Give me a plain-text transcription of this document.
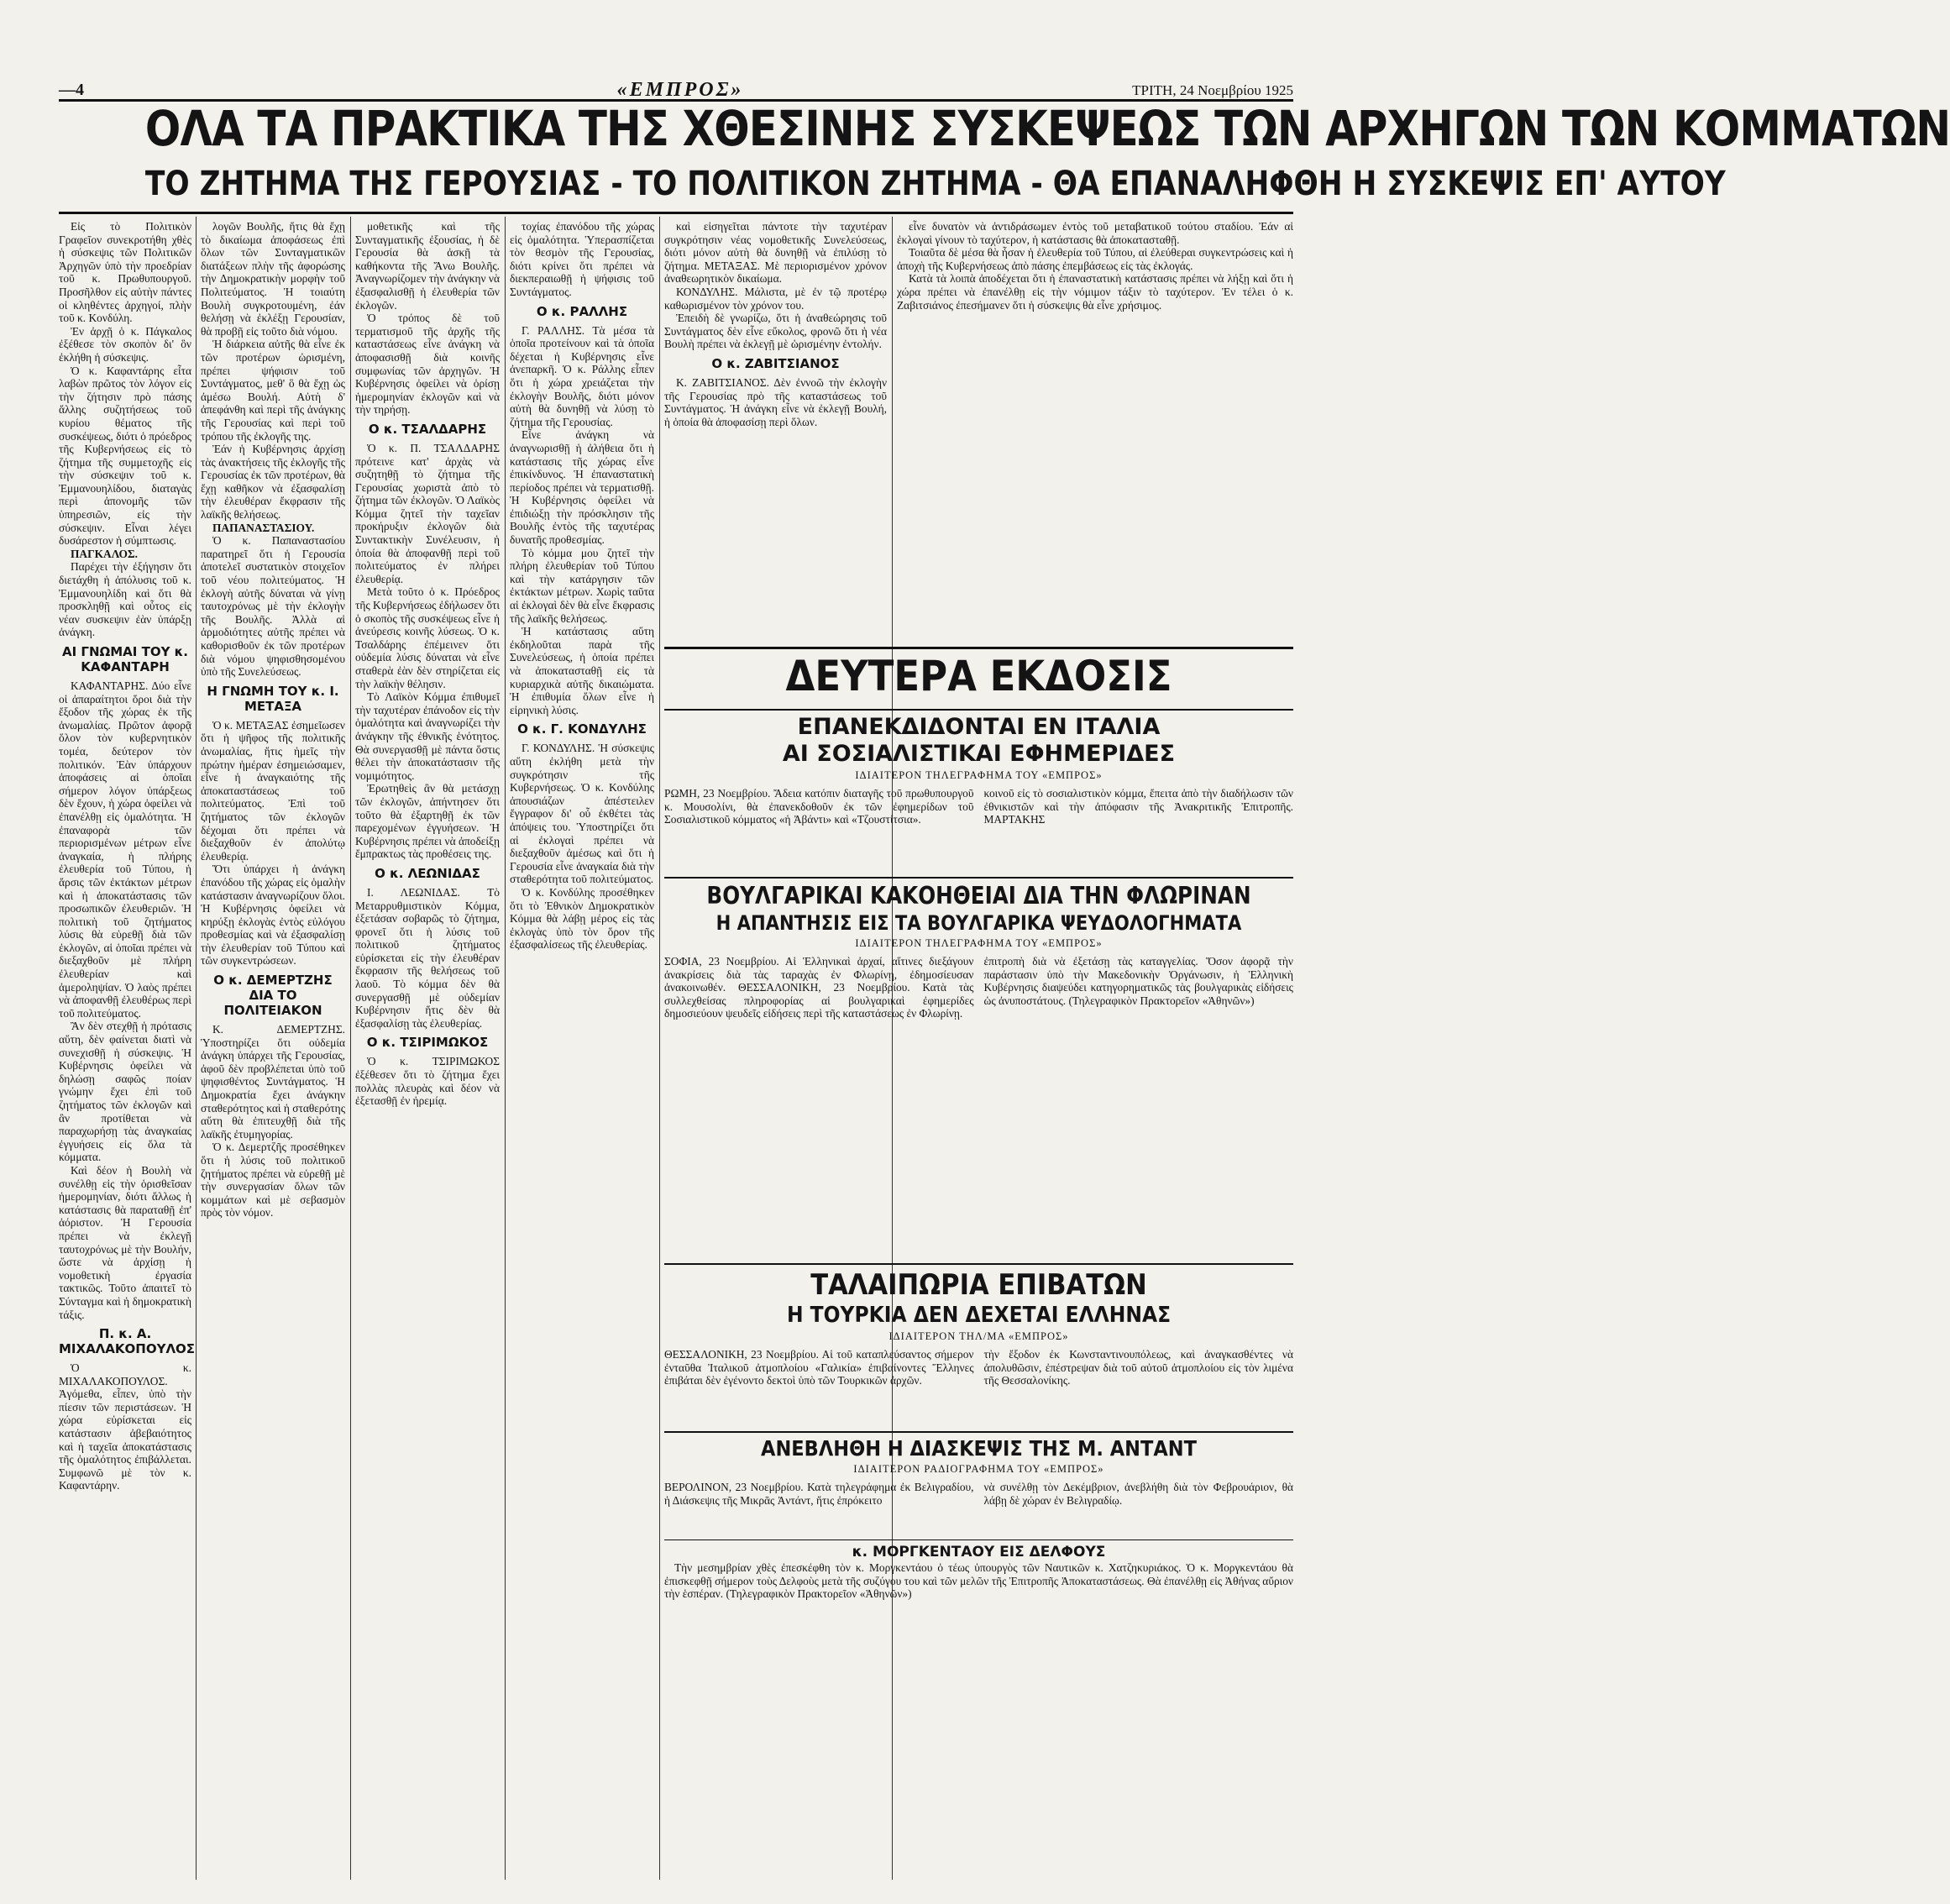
—4	«ΕΜΠΡΟΣ»	ΤΡΙΤΗ, 24 Νοεμβρίου 1925
ΟΛΑ ΤΑ ΠΡΑΚΤΙΚΑ ΤΗΣ ΧΘΕΣΙΝΗΣ ΣΥΣΚΕΨΕΩΣ ΤΩΝ ΑΡΧΗΓΩΝ ΤΩΝ ΚΟΜΜΑΤΩΝ
ΤΟ ΖΗΤΗΜΑ ΤΗΣ ΓΕΡΟΥΣΙΑΣ - ΤΟ ΠΟΛΙΤΙΚΟΝ ΖΗΤΗΜΑ - ΘΑ ΕΠΑΝΑΛΗΦΘΗ Η ΣΥΣΚΕΨΙΣ ΕΠ' ΑΥΤΟΥ

Εἰς τὸ Πολιτικὸν Γραφεῖον συνεκροτήθη χθὲς ἡ σύσκεψις τῶν Πολιτικῶν Ἀρχηγῶν ὑπὸ τὴν προεδρίαν τοῦ κ. Πρωθυπουργοῦ. Προσῆλθον εἰς αὐτὴν πάντες οἱ κληθέντες ἀρχηγοί, πλὴν τοῦ κ. Κονδύλη.

Ἐν ἀρχῇ ὁ κ. Πάγκαλος ἐξέθεσε τὸν σκοπὸν δι' ὃν ἐκλήθη ἡ σύσκεψις.

Ὁ κ. Καφαντάρης εἶτα λαβὼν πρῶτος τὸν λόγον εἰς τὴν ζήτησιν πρὸ πάσης ἄλλης συζητήσεως τοῦ κυρίου θέματος τῆς συσκέψεως, διότι ὁ πρόεδρος τῆς Κυβερνήσεως εἰς τὸ ζήτημα τῆς συμμετοχῆς εἰς τὴν σύσκεψιν τοῦ κ. Ἐμμανουηλίδου, διαταγὰς περὶ ἀπονομῆς τῶν ὑπηρεσιῶν, εἰς τὴν σύσκεψιν. Εἶναι λέγει δυσάρεστον ἡ σύμπτωσις.

ΠΑΓΚΑΛΟΣ.

Παρέχει τὴν ἐξήγησιν ὅτι διετάχθη ἡ ἀπόλυσις τοῦ κ. Ἐμμανουηλίδη καὶ ὅτι θὰ προσκληθῇ καὶ οὗτος εἰς νέαν συσκεψιν ἐὰν ὑπάρξῃ ἀνάγκη.

ΑΙ ΓΝΩΜΑΙ ΤΟΥ κ. ΚΑΦΑΝΤΑΡΗ

ΚΑΦΑΝΤΑΡΗΣ. Δύο εἶνε οἱ ἀπαραίτητοι ὅροι διὰ τὴν ἔξοδον τῆς χώρας ἐκ τῆς ἀνωμαλίας. Πρῶτον ἀφορᾷ ὅλον τὸν κυβερνητικὸν τομέα, δεύτερον τὸν πολιτικόν. Ἐὰν ὑπάρχουν ἀποφάσεις αἱ ὁποῖαι σήμερον λόγον ὑπάρξεως δὲν ἔχουν, ἡ χώρα ὀφείλει νὰ ἐπανέλθῃ εἰς ὁμαλότητα. Ἡ ἐπαναφορὰ τῶν περιορισμένων μέτρων εἶνε ἀναγκαία, ἡ πλήρης ἐλευθερία τοῦ Τύπου, ἡ ἄρσις τῶν ἐκτάκτων μέτρων καὶ ἡ ἀποκατάστασις τῶν προσωπικῶν ἐλευθεριῶν. Ἡ πολιτικὴ τοῦ ζητήματος λύσις θὰ εὑρεθῇ διὰ τῶν ἐκλογῶν, αἱ ὁποῖαι πρέπει νὰ διεξαχθοῦν μὲ πλήρη ἐλευθερίαν καὶ ἀμεροληψίαν. Ὁ λαὸς πρέπει νὰ ἀποφανθῇ ἐλευθέρως περὶ τοῦ πολιτεύματος.

Ἂν δὲν στεχθῇ ἡ πρότασις αὕτη, δὲν φαίνεται διατὶ νὰ συνεχισθῇ ἡ σύσκεψις. Ἡ Κυβέρνησις ὀφείλει νὰ δηλώσῃ σαφῶς ποίαν γνώμην ἔχει ἐπὶ τοῦ ζητήματος τῶν ἐκλογῶν καὶ ἂν προτίθεται νὰ παραχωρήσῃ τὰς ἀναγκαίας ἐγγυήσεις εἰς ὅλα τὰ κόμματα.

Καὶ δέον ἡ Βουλὴ νὰ συνέλθῃ εἰς τὴν ὁρισθεῖσαν ἡμερομηνίαν, διότι ἄλλως ἡ κατάστασις θὰ παραταθῇ ἐπ' ἀόριστον. Ἡ Γερουσία πρέπει νὰ ἐκλεγῇ ταυτοχρόνως μὲ τὴν Βουλήν, ὥστε νὰ ἀρχίσῃ ἡ νομοθετικὴ ἐργασία τακτικῶς. Τοῦτο ἀπαιτεῖ τὸ Σύνταγμα καὶ ἡ δημοκρατικὴ τάξις.

Π. κ. Α. ΜΙΧΑΛΑΚΟΠΟΥΛΟΣ

Ὁ κ. ΜΙΧΑΛΑΚΟΠΟΥΛΟΣ. Ἀγόμεθα, εἶπεν, ὑπὸ τὴν πίεσιν τῶν περιστάσεων. Ἡ χώρα εὑρίσκεται εἰς κατάστασιν ἀβεβαιότητος καὶ ἡ ταχεῖα ἀποκατάστασις τῆς ὁμαλότητος ἐπιβάλλεται. Συμφωνῶ μὲ τὸν κ. Καφαντάρην.

λογῶν Βουλῆς, ἥτις θὰ ἔχῃ τὸ δικαίωμα ἀποφάσεως ἐπὶ ὅλων τῶν Συνταγματικῶν διατάξεων πλὴν τῆς ἀφορώσης τὴν Δημοκρατικὴν μορφὴν τοῦ Πολιτεύματος. Ἡ τοιαύτη Βουλὴ συγκροτουμένη, ἐάν θελήσῃ νὰ ἐκλέξῃ Γερουσίαν, θὰ προβῇ εἰς τοῦτο διὰ νόμου.

Ἡ διάρκεια αὐτῆς θὰ εἶνε ἐκ τῶν προτέρων ὡρισμένη, πρέπει ψήφισιν τοῦ Συντάγματος, μεθ' ὃ θὰ ἔχῃ ὡς ἀμέσω Βουλή. Αὐτὴ δ' ἀπεφάνθη καὶ περὶ τῆς ἀνάγκης τῆς Γερουσίας καὶ περὶ τοῦ τρόπου τῆς ἐκλογῆς της.

Ἐάν ἡ Κυβέρνησις ἀρχίσῃ τὰς ἀνακτήσεις τῆς ἐκλογῆς τῆς Γερουσίας ἐκ τῶν προτέρων, θὰ ἔχῃ καθῆκον νὰ ἐξασφαλίσῃ τὴν ἐλευθέραν ἔκφρασιν τῆς λαϊκῆς θελήσεως.

ΠΑΠΑΝΑΣΤΑΣΙΟΥ.

Ὁ κ. Παπαναστασίου παρατηρεῖ ὅτι ἡ Γερουσία ἀποτελεῖ συστατικὸν στοιχεῖον τοῦ νέου πολιτεύματος. Ἡ ἐκλογὴ αὐτῆς δύναται νὰ γίνῃ ταυτοχρόνως μὲ τὴν ἐκλογὴν τῆς Βουλῆς. Ἀλλὰ αἱ ἀρμοδιότητες αὐτῆς πρέπει νὰ καθορισθοῦν ἐκ τῶν προτέρων διὰ νόμου ψηφισθησομένου ὑπὸ τῆς Συνελεύσεως.

Η ΓΝΩΜΗ ΤΟΥ κ. Ι. ΜΕΤΑΞΑ

Ὁ κ. ΜΕΤΑΞΑΣ ἐσημεῖωσεν ὅτι ἡ ψῆφος τῆς πολιτικῆς ἀνωμαλίας, ἥτις ἡμεῖς τὴν πρώτην ἡμέραν ἐσημειώσαμεν, εἶνε ἡ ἀναγκαιότης τῆς ἀποκαταστάσεως τοῦ πολιτεύματος. Ἐπὶ τοῦ ζητήματος τῶν ἐκλογῶν δέχομαι ὅτι πρέπει νὰ διεξαχθοῦν ἐν ἀπολύτῳ ἐλευθερίᾳ.

Ὅτι ὑπάρχει ἡ ἀνάγκη ἐπανόδου τῆς χώρας εἰς ὁμαλὴν κατάστασιν ἀναγνωρίζουν ὅλοι. Ἡ Κυβέρνησις ὀφείλει νὰ κηρύξῃ ἐκλογὰς ἐντὸς εὐλόγου προθεσμίας καὶ νὰ ἐξασφαλίσῃ τὴν ἐλευθερίαν τοῦ Τύπου καὶ τῶν συγκεντρώσεων.

Ο κ. ΔΕΜΕΡΤΖΗΣ ΔΙΑ ΤΟ ΠΟΛΙΤΕΙΑΚΟΝ

Κ. ΔΕΜΕΡΤΖΗΣ. Ὑποστηρίζει ὅτι οὐδεμία ἀνάγκη ὑπάρχει τῆς Γερουσίας, ἀφοῦ δὲν προβλέπεται ὑπὸ τοῦ ψηφισθέντος Συντάγματος. Ἡ Δημοκρατία ἔχει ἀνάγκην σταθερότητος καὶ ἡ σταθερότης αὕτη θὰ ἐπιτευχθῇ διὰ τῆς λαϊκῆς ἐτυμηγορίας.

Ὁ κ. Δεμερτζῆς προσέθηκεν ὅτι ἡ λύσις τοῦ πολιτικοῦ ζητήματος πρέπει νὰ εὑρεθῇ μὲ τὴν συνεργασίαν ὅλων τῶν κομμάτων καὶ μὲ σεβασμὸν πρὸς τὸν νόμον.

μοθετικῆς καὶ τῆς Συνταγματικῆς ἐξουσίας, ἡ δὲ Γερουσία θὰ ἀσκῇ τὰ καθήκοντα τῆς Ἄνω Βουλῆς. Ἀναγνωρίζομεν τὴν ἀνάγκην νὰ ἐξασφαλισθῇ ἡ ἐλευθερία τῶν ἐκλογῶν.

Ὁ τρόπος δὲ τοῦ τερματισμοῦ τῆς ἀρχῆς τῆς καταστάσεως εἶνε ἀνάγκη νὰ ἀποφασισθῇ διὰ κοινῆς συμφωνίας τῶν ἀρχηγῶν. Ἡ Κυβέρνησις ὀφείλει νὰ ὁρίσῃ ἡμερομηνίαν ἐκλογῶν καὶ νὰ τὴν τηρήσῃ.

Ο κ. ΤΣΑΛΔΑΡΗΣ

Ὁ κ. Π. ΤΣΑΛΔΑΡΗΣ πρότεινε κατ' ἀρχὰς νὰ συζητηθῇ τὸ ζήτημα τῆς Γερουσίας χωριστὰ ἀπὸ τὸ ζήτημα τῶν ἐκλογῶν. Ὁ Λαϊκὸς Κόμμα ζητεῖ τὴν ταχεῖαν προκήρυξιν ἐκλογῶν διὰ Συντακτικὴν Συνέλευσιν, ἡ ὁποία θὰ ἀποφανθῇ περὶ τοῦ πολιτεύματος ἐν πλήρει ἐλευθερίᾳ.

Μετὰ τοῦτο ὁ κ. Πρόεδρος τῆς Κυβερνήσεως ἐδήλωσεν ὅτι ὁ σκοπὸς τῆς συσκέψεως εἶνε ἡ ἀνεύρεσις κοινῆς λύσεως. Ὁ κ. Τσαλδάρης ἐπέμεινεν ὅτι οὐδεμία λύσις δύναται νὰ εἶνε σταθερὰ ἐὰν δὲν στηρίζεται εἰς τὴν λαϊκὴν θέλησιν.

Τὸ Λαϊκὸν Κόμμα ἐπιθυμεῖ τὴν ταχυτέραν ἐπάνοδον εἰς τὴν ὁμαλότητα καὶ ἀναγνωρίζει τὴν ἀνάγκην τῆς ἐθνικῆς ἑνότητος. Θὰ συνεργασθῇ μὲ πάντα ὅστις θέλει τὴν ἀποκατάστασιν τῆς νομιμότητος.

Ἐρωτηθεὶς ἂν θὰ μετάσχῃ τῶν ἐκλογῶν, ἀπήντησεν ὅτι τοῦτο θὰ ἐξαρτηθῇ ἐκ τῶν παρεχομένων ἐγγυήσεων. Ἡ Κυβέρνησις πρέπει νὰ ἀποδείξῃ ἔμπρακτως τὰς προθέσεις της.

Ο κ. ΛΕΩΝΙΔΑΣ

Ι. ΛΕΩΝΙΔΑΣ. Τὸ Μεταρρυθμιστικὸν Κόμμα, ἐξετάσαν σοβαρῶς τὸ ζήτημα, φρονεῖ ὅτι ἡ λύσις τοῦ πολιτικοῦ ζητήματος εὑρίσκεται εἰς τὴν ἐλευθέραν ἔκφρασιν τῆς θελήσεως τοῦ λαοῦ. Τὸ κόμμα δὲν θὰ συνεργασθῇ μὲ οὐδεμίαν Κυβέρνησιν ἥτις δὲν θὰ ἐξασφαλίσῃ τὰς ἐλευθερίας.

Ο κ. ΤΣΙΡΙΜΩΚΟΣ

Ὁ κ. ΤΣΙΡΙΜΩΚΟΣ ἐξέθεσεν ὅτι τὸ ζήτημα ἔχει πολλὰς πλευρὰς καὶ δέον νὰ ἐξετασθῇ ἐν ἠρεμίᾳ.

τοχίας ἐπανόδου τῆς χώρας εἰς ὁμαλότητα. Ὑπερασπίζεται τὸν θεσμὸν τῆς Γερουσίας, διότι κρίνει ὅτι πρέπει νὰ διεκπεραιωθῇ ἡ ψήφισις τοῦ Συντάγματος.

Ο κ. ΡΑΛΛΗΣ

Γ. ΡΑΛΛΗΣ. Τὰ μέσα τὰ ὁποῖα προτείνουν καὶ τὰ ὁποῖα δέχεται ἡ Κυβέρνησις εἶνε ἀνεπαρκῆ. Ὁ κ. Ράλλης εἶπεν ὅτι ἡ χώρα χρειάζεται τὴν ἐκλογὴν Βουλῆς, διότι μόνον αὐτὴ θὰ δυνηθῇ νὰ λύσῃ τὸ ζήτημα τῆς Γερουσίας.

Εἶνε ἀνάγκη νὰ ἀναγνωρισθῇ ἡ ἀλήθεια ὅτι ἡ κατάστασις τῆς χώρας εἶνε ἐπικίνδυνος. Ἡ ἐπαναστατικὴ περίοδος πρέπει νὰ τερματισθῇ. Ἡ Κυβέρνησις ὀφείλει νὰ ἐπιδιώξῃ τὴν πρόσκλησιν τῆς Βουλῆς ἐντὸς τῆς ταχυτέρας δυνατῆς προθεσμίας.

Τὸ κόμμα μου ζητεῖ τὴν πλήρη ἐλευθερίαν τοῦ Τύπου καὶ τὴν κατάργησιν τῶν ἐκτάκτων μέτρων. Χωρὶς ταῦτα αἱ ἐκλογαὶ δὲν θὰ εἶνε ἔκφρασις τῆς λαϊκῆς θελήσεως.

Ἡ κατάστασις αὕτη ἐκδηλοῦται παρὰ τῆς Συνελεύσεως, ἡ ὁποία πρέπει νὰ ἀποκατασταθῇ εἰς τὰ κυριαρχικὰ αὐτῆς δικαιώματα. Ἡ ἐπιθυμία ὅλων εἶνε ἡ εἰρηνικὴ λύσις.

Ο κ. Γ. ΚΟΝΔΥΛΗΣ

Γ. ΚΟΝΔΥΛΗΣ. Ἡ σύσκεψις αὕτη ἐκλήθη μετὰ τὴν συγκρότησιν τῆς Κυβερνήσεως. Ὁ κ. Κονδύλης ἀπουσιάζων ἀπέστειλεν ἔγγραφον δι' οὗ ἐκθέτει τὰς ἀπόψεις του. Ὑποστηρίζει ὅτι αἱ ἐκλογαὶ πρέπει νὰ διεξαχθοῦν ἀμέσως καὶ ὅτι ἡ Γερουσία εἶνε ἀναγκαία διὰ τὴν σταθερότητα τοῦ πολιτεύματος.

Ὁ κ. Κονδύλης προσέθηκεν ὅτι τὸ Ἐθνικὸν Δημοκρατικὸν Κόμμα θὰ λάβῃ μέρος εἰς τὰς ἐκλογὰς ὑπὸ τὸν ὅρον τῆς ἐξασφαλίσεως τῆς ἐλευθερίας.

καὶ εἰσηγεῖται πάντοτε τὴν ταχυτέραν συγκρότησιν νέας νομοθετικῆς Συνελεύσεως, διότι μόνον αὐτὴ θὰ δυνηθῇ νὰ ἐπιλύσῃ τὸ ζήτημα. ΜΕΤΑΞΑΣ. Μὲ περιορισμένον χρόνον ἀναθεωρητικὸν δικαίωμα.

ΚΟΝΔΥΛΗΣ. Μάλιστα, μὲ ἐν τῷ προτέρῳ καθωρισμένον τὸν χρόνον του.

Ἐπειδὴ δὲ γνωρίζω, ὅτι ἡ ἀναθεώρησις τοῦ Συντάγματος δὲν εἶνε εὔκολος, φρονῶ ὅτι ἡ νέα Βουλὴ πρέπει νὰ ἐκλεγῇ μὲ ὡρισμένην ἐντολήν.

Ο κ. ΖΑΒΙΤΣΙΑΝΟΣ

Κ. ΖΑΒΙΤΣΙΑΝΟΣ. Δὲν ἐννοῶ τὴν ἐκλογὴν τῆς Γερουσίας πρὸ τῆς καταστάσεως τοῦ Συντάγματος. Ἡ ἀνάγκη εἶνε νὰ ἐκλεγῇ Βουλή, ἡ ὁποία θὰ ἀποφασίσῃ περὶ ὅλων.

εἶνε δυνατὸν νὰ ἀντιδράσωμεν ἐντὸς τοῦ μεταβατικοῦ τούτου σταδίου. Ἐάν αἱ ἐκλογαὶ γίνουν τὸ ταχύτερον, ἡ κατάστασις θὰ ἀποκατασταθῇ.

Τοιαῦτα δὲ μέσα θὰ ἦσαν ἡ ἐλευθερία τοῦ Τύπου, αἱ ἐλεύθεραι συγκεντρώσεις καὶ ἡ ἀποχὴ τῆς Κυβερνήσεως ἀπὸ πάσης ἐπεμβάσεως εἰς τὰς ἐκλογάς.

Κατὰ τὰ λοιπὰ ἀποδέχεται ὅτι ἡ ἐπαναστατικὴ κατάστασις πρέπει νὰ λήξῃ καὶ ὅτι ἡ χώρα πρέπει νὰ ἐπανέλθῃ εἰς τὴν νόμιμον τάξιν τὸ ταχύτερον. Ἐν τέλει ὁ κ. Ζαβιτσιάνος ἐπεσήμανεν ὅτι ἡ σύσκεψις θὰ εἶνε χρήσιμος.

ΔΕΥΤΕΡΑ ΕΚΔΟΣΙΣ
ΕΠΑΝΕΚΔΙΔΟΝΤΑΙ ΕΝ ΙΤΑΛΙΑ
ΑΙ ΣΟΣΙΑΛΙΣΤΙΚΑΙ ΕΦΗΜΕΡΙΔΕΣ
ΙΔΙΑΙΤΕΡΟΝ ΤΗΛΕΓΡΑΦΗΜΑ ΤΟΥ «ΕΜΠΡΟΣ»
ΡΩΜΗ, 23 Νοεμβρίου. Ἄδεια κατόπιν διαταγῆς τοῦ πρωθυπουργοῦ κ. Μουσολίνι, θὰ ἐπανεκδοθοῦν ἐκ τῶν ἐφημερίδων τοῦ Σοσιαλιστικοῦ κόμματος «ἡ Ἀβάντι» καὶ «Τζουστίτσια».
κοινοῦ εἰς τὸ σοσιαλιστικὸν κόμμα, ἔπειτα ἀπὸ τὴν διαδήλωσιν τῶν ἐθνικιστῶν καὶ τὴν ἀπόφασιν τῆς Ἀνακριτικῆς Ἐπιτροπῆς. ΜΑΡΤΑΚΗΣ
ΒΟΥΛΓΑΡΙΚΑΙ ΚΑΚΟΗΘΕΙΑΙ ΔΙΑ ΤΗΝ ΦΛΩΡΙΝΑΝ
Η ΑΠΑΝΤΗΣΙΣ ΕΙΣ ΤΑ ΒΟΥΛΓΑΡΙΚΑ ΨΕΥΔΟΛΟΓΗΜΑΤΑ
ΙΔΙΑΙΤΕΡΟΝ ΤΗΛΕΓΡΑΦΗΜΑ ΤΟΥ «ΕΜΠΡΟΣ»
ΣΟΦΙΑ, 23 Νοεμβρίου. Αἱ Ἑλληνικαὶ ἀρχαί, αἵτινες διεξάγουν ἀνακρίσεις διὰ τὰς ταραχὰς ἐν Φλωρίνῃ, ἐδημοσίευσαν ἀνακοινωθέν. ΘΕΣΣΑΛΟΝΙΚΗ, 23 Νοεμβρίου. Κατὰ τὰς συλλεχθείσας πληροφορίας αἱ βουλγαρικαὶ ἐφημερίδες δημοσιεύουν ψευδεῖς εἰδήσεις περὶ τῆς καταστάσεως ἐν Φλωρίνῃ.
ἐπιτροπὴ διὰ νὰ ἐξετάσῃ τὰς καταγγελίας. Ὅσον ἀφορᾷ τὴν παράστασιν ὑπὸ τὴν Μακεδονικὴν Ὁργάνωσιν, ἡ Ἑλληνικὴ Κυβέρνησις διαψεύδει κατηγορηματικῶς τὰς βουλγαρικὰς εἰδήσεις ὡς ἀνυποστάτους. (Τηλεγραφικὸν Πρακτορεῖον «Ἀθηνῶν»)
ΤΑΛΑΙΠΩΡΙΑ ΕΠΙΒΑΤΩΝ
Η ΤΟΥΡΚΙΑ ΔΕΝ ΔΕΧΕΤΑΙ ΕΛΛΗΝΑΣ
ΙΔΙΑΙΤΕΡΟΝ ΤΗΛ/ΜΑ «ΕΜΠΡΟΣ»
ΘΕΣΣΑΛΟΝΙΚΗ, 23 Νοεμβρίου. Αἱ τοῦ καταπλεύσαντος σήμερον ἐνταῦθα Ἰταλικοῦ ἀτμοπλοίου «Γαλικία» ἐπιβαίνοντες Ἕλληνες ἐπιβάται δὲν ἐγένοντο δεκτοὶ ὑπὸ τῶν Τουρκικῶν ἀρχῶν.
τὴν ἔξοδον ἐκ Κωνσταντινουπόλεως, καὶ ἀναγκασθέντες νὰ ἀπολυθῶσιν, ἐπέστρεψαν διὰ τοῦ αὐτοῦ ἀτμοπλοίου εἰς τὸν λιμένα τῆς Θεσσαλονίκης.
ΑΝΕΒΛΗΘΗ Η ΔΙΑΣΚΕΨΙΣ ΤΗΣ Μ. ΑΝΤΑΝΤ
ΙΔΙΑΙΤΕΡΟΝ ΡΑΔΙΟΓΡΑΦΗΜΑ ΤΟΥ «ΕΜΠΡΟΣ»
ΒΕΡΟΛΙΝΟΝ, 23 Νοεμβρίου. Κατὰ τηλεγράφημα ἐκ Βελιγραδίου, ἡ Διάσκεψις τῆς Μικρᾶς Ἀντάντ, ἥτις ἐπρόκειτο
νὰ συνέλθῃ τὸν Δεκέμβριον, ἀνεβλήθη διὰ τὸν Φεβρουάριον, θὰ λάβῃ δὲ χώραν ἐν Βελιγραδίῳ.
κ. ΜΟΡΓΚΕΝΤΑΟΥ ΕΙΣ ΔΕΛΦΟΥΣ
Τὴν μεσημβρίαν χθὲς ἐπεσκέφθη τὸν κ. Μοργκεντάου ὁ τέως ὑπουργὸς τῶν Ναυτικῶν κ. Χατζηκυριάκος. Ὁ κ. Μοργκεντάου θὰ ἐπισκεφθῇ σήμερον τοὺς Δελφοὺς μετὰ τῆς συζύγου του καὶ τῶν μελῶν τῆς Ἐπιτροπῆς Ἀποκαταστάσεως. Θὰ ἐπανέλθῃ εἰς Ἀθήνας αὔριον τὴν ἑσπέραν. (Τηλεγραφικὸν Πρακτορεῖον «Ἀθηνῶν»)
